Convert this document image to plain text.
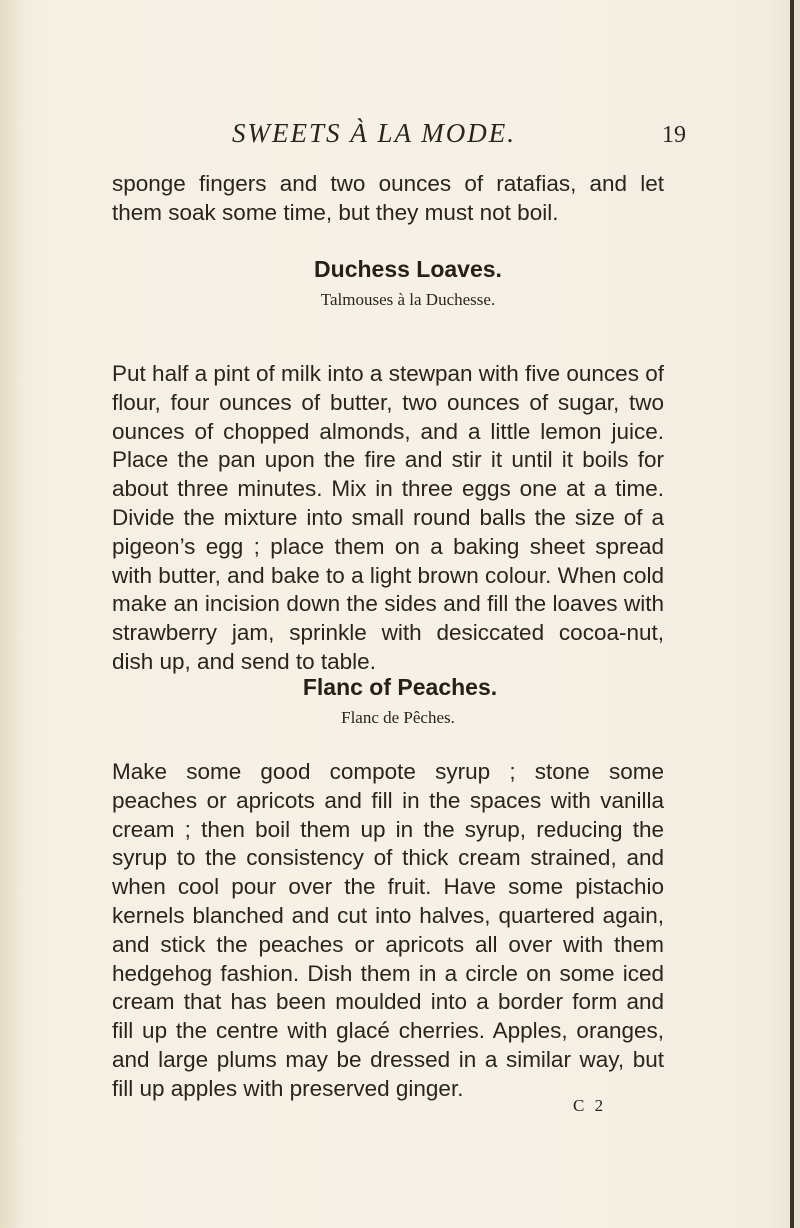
SWEETS À LA MODE.	19

sponge fingers and two ounces of ratafias, and let them soak some time, but they must not boil.

Duchess Loaves.
Talmouses à la Duchesse.

Put half a pint of milk into a stewpan with five ounces of flour, four ounces of butter, two ounces of sugar, two ounces of chopped almonds, and a little lemon juice. Place the pan upon the fire and stir it until it boils for about three minutes. Mix in three eggs one at a time. Divide the mixture into small round balls the size of a pigeon’s egg ; place them on a baking sheet spread with butter, and bake to a light brown colour. When cold make an incision down the sides and fill the loaves with strawberry jam, sprinkle with desiccated cocoa-nut, dish up, and send to table.

Flanc of Peaches.
Flanc de Pêches.

Make some good compote syrup ; stone some peaches or apricots and fill in the spaces with vanilla cream ; then boil them up in the syrup, reducing the syrup to the consistency of thick cream strained, and when cool pour over the fruit. Have some pistachio kernels blanched and cut into halves, quartered again, and stick the peaches or apricots all over with them hedgehog fashion. Dish them in a circle on some iced cream that has been moulded into a border form and fill up the centre with glacé cherries. Apples, oranges, and large plums may be dressed in a similar way, but fill up apples with preserved ginger.

C 2
